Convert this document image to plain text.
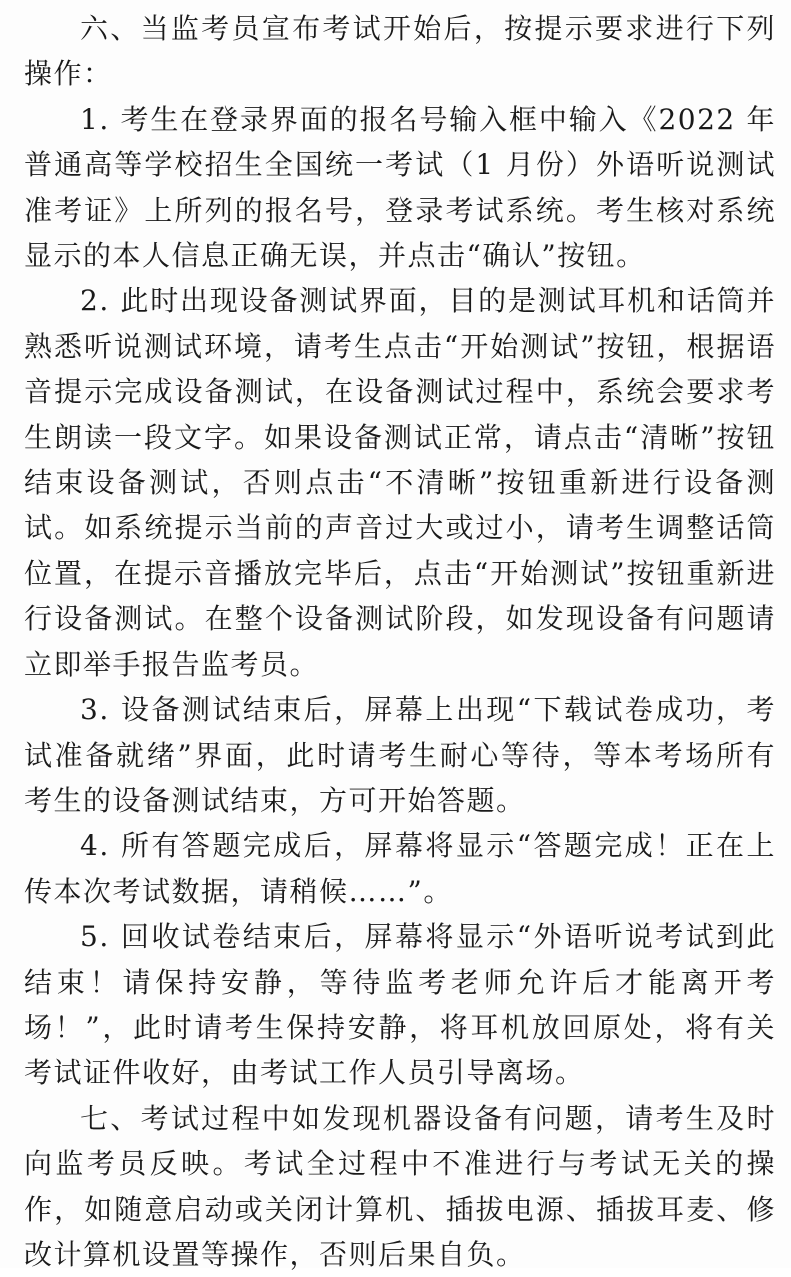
六、当监考员宣布考试开始后，按提示要求进行下列操作：

1. 考生在登录界面的报名号输入框中输入《2022 年普通高等学校招生全国统一考试（1 月份）外语听说测试准考证》上所列的报名号，登录考试系统。考生核对系统显示的本人信息正确无误，并点击“确认”按钮。

2. 此时出现设备测试界面，目的是测试耳机和话筒并熟悉听说测试环境，请考生点击“开始测试”按钮，根据语音提示完成设备测试，在设备测试过程中，系统会要求考生朗读一段文字。如果设备测试正常，请点击“清晰”按钮结束设备测试，否则点击“不清晰”按钮重新进行设备测试。如系统提示当前的声音过大或过小，请考生调整话筒位置，在提示音播放完毕后，点击“开始测试”按钮重新进行设备测试。在整个设备测试阶段，如发现设备有问题请立即举手报告监考员。

3. 设备测试结束后，屏幕上出现“下载试卷成功，考试准备就绪”界面，此时请考生耐心等待，等本考场所有考生的设备测试结束，方可开始答题。

4. 所有答题完成后，屏幕将显示“答题完成！正在上传本次考试数据，请稍候……”。

5. 回收试卷结束后，屏幕将显示“外语听说考试到此结束！请保持安静，等待监考老师允许后才能离开考场！”，此时请考生保持安静，将耳机放回原处，将有关考试证件收好，由考试工作人员引导离场。

七、考试过程中如发现机器设备有问题，请考生及时向监考员反映。考试全过程中不准进行与考试无关的操作，如随意启动或关闭计算机、插拔电源、插拔耳麦、修改计算机设置等操作，否则后果自负。
